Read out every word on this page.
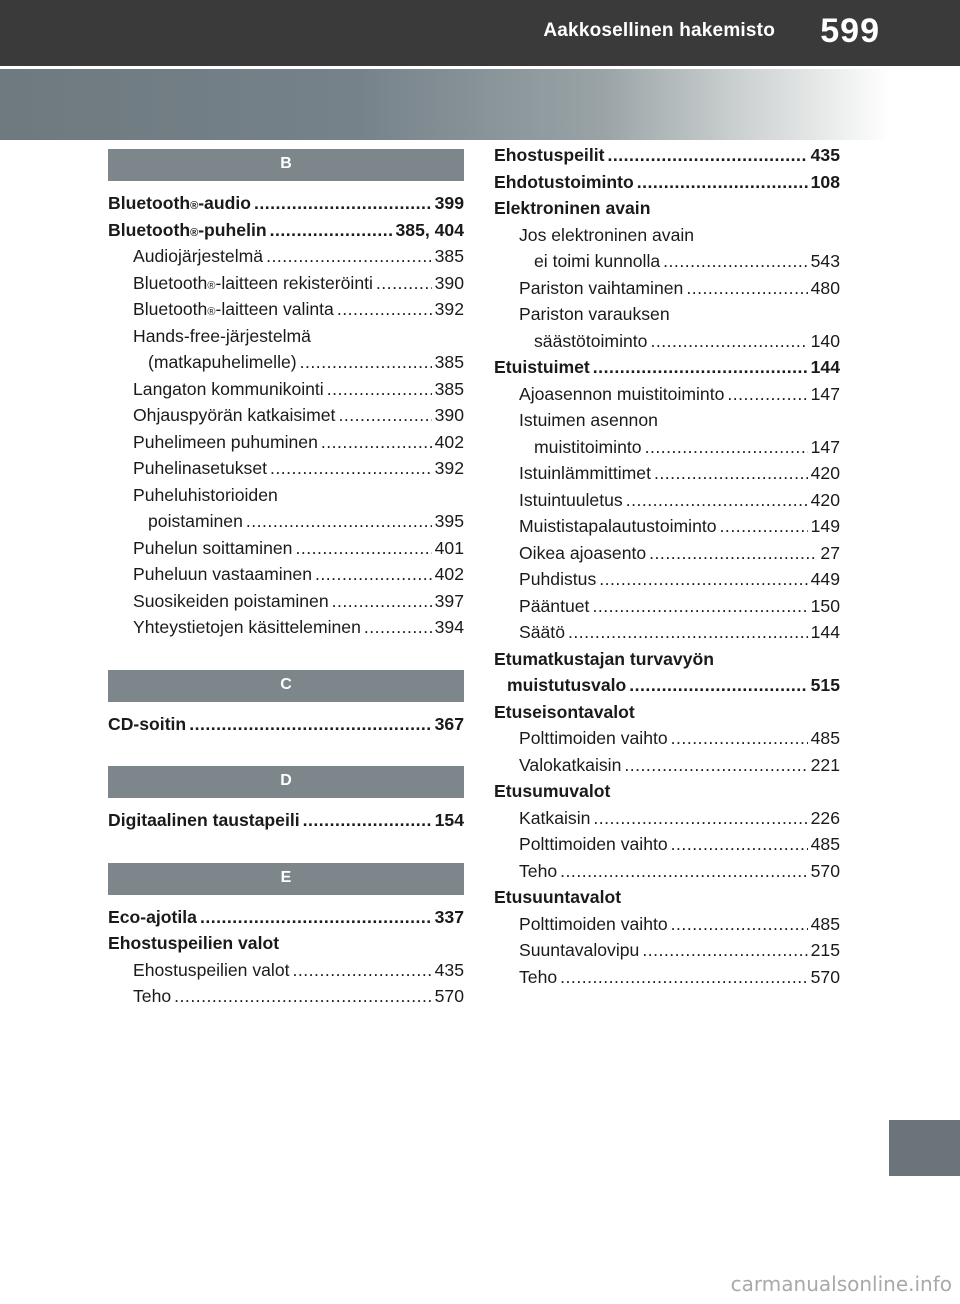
Aakkosellinen hakemisto 599
B
Bluetooth ® -audio .....	399
Bluetooth ® -puhelin .....	385, 404
Audiojärjestelmä .....	385
Bluetooth ® -laitteen rekisteröinti .....	390
Bluetooth ® -laitteen valinta .....	392
Hands-free-järjestelmä
(matkapuhelimelle) .....	385
Langaton kommunikointi .....	385
Ohjauspyörän katkaisimet .....	390
Puhelimeen puhuminen .....	402
Puhelinasetukset .....	392
Puheluhistorioiden
poistaminen .....	395
Puhelun soittaminen .....	401
Puheluun vastaaminen .....	402
Suosikeiden poistaminen .....	397
Yhteystietojen käsitteleminen .....	394
C
CD-soitin .....	367
D
Digitaalinen taustapeili .....	154
E
Eco-ajotila .....	337
Ehostuspeilien valot
Ehostuspeilien valot .....	435
Teho .....	570
Ehostuspeilit .....	435
Ehdotustoiminto .....	108
Elektroninen avain
Jos elektroninen avain
ei toimi kunnolla .....	543
Pariston vaihtaminen .....	480
Pariston varauksen
säästötoiminto .....	140
Etuistuimet .....	144
Ajoasennon muistitoiminto .....	147
Istuimen asennon
muistitoiminto .....	147
Istuinlämmittimet .....	420
Istuintuuletus .....	420
Muististapalautustoiminto .....	149
Oikea ajoasento .....	27
Puhdistus .....	449
Pääntuet .....	150
Säätö .....	144
Etumatkustajan turvavyön
muistutusvalo .....	515
Etuseisontavalot
Polttimoiden vaihto .....	485
Valokatkaisin .....	221
Etusumuvalot
Katkaisin .....	226
Polttimoiden vaihto .....	485
Teho .....	570
Etusuuntavalot
Polttimoiden vaihto .....	485
Suuntavalovipu .....	215
Teho .....	570
carmanualsonline.info
